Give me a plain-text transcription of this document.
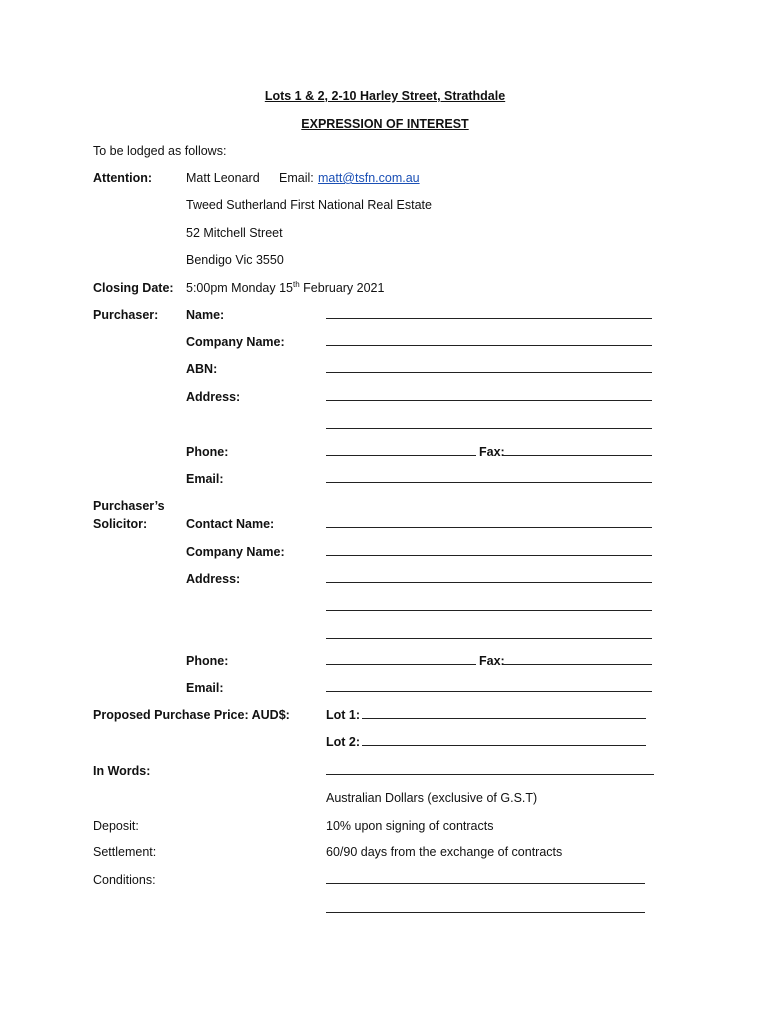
Lots 1 & 2, 2-10 Harley Street, Strathdale
EXPRESSION OF INTEREST
To be lodged as follows:
Attention:	Matt Leonard Email: matt@tsfn.com.au
Tweed Sutherland First National Real Estate
52 Mitchell Street
Bendigo Vic 3550
Closing Date: 5:00pm Monday 15th February 2021
Purchaser: Name:
Company Name:
ABN:
Address:
Phone:	Fax:
Email:
Purchaser’s
Solicitor:	Contact Name:
Company Name:
Address:
Phone:	Fax:
Email:
Proposed Purchase Price: AUD$:	Lot 1:
Lot 2:
In Words:
Australian Dollars (exclusive of G.S.T)
Deposit:	10% upon signing of contracts
Settlement:	60/90 days from the exchange of contracts
Conditions:
